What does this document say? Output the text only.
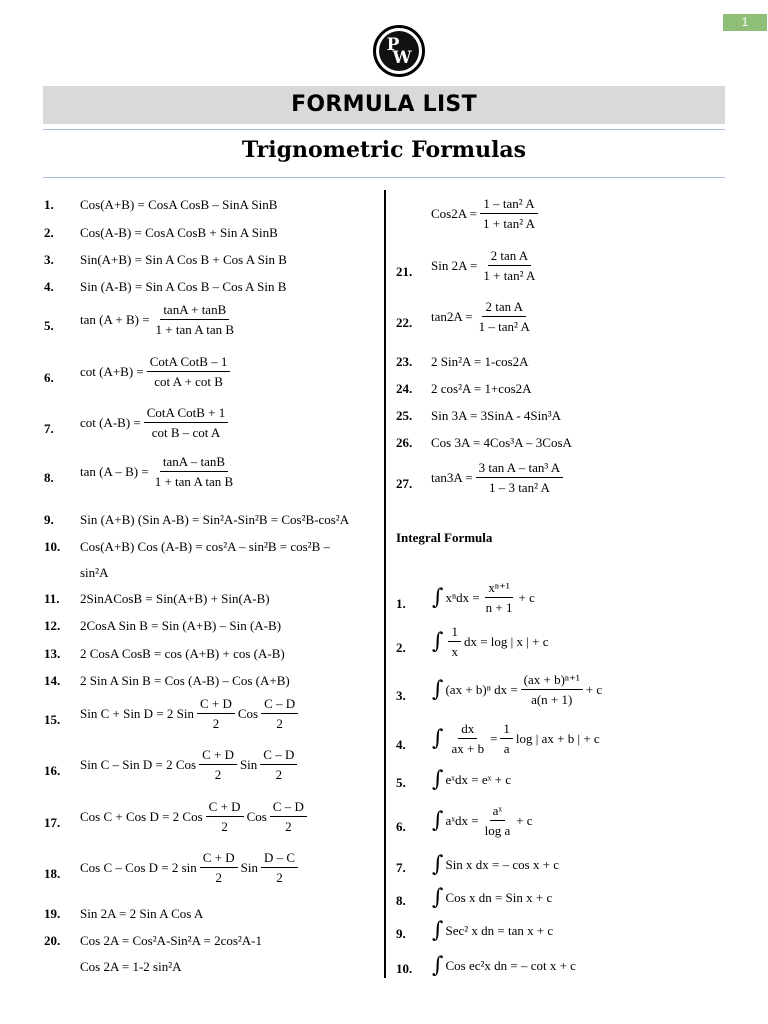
1
P
W
FORMULA LIST
Trignometric Formulas
1. Cos(A+B) = CosA CosB – SinA SinB
2. Cos(A-B) = CosA CosB + Sin A SinB
3. Sin(A+B) = Sin A Cos B + Cos A Sin B
4. Sin (A-B) = Sin A Cos B – Cos A Sin B
5. $\tan (A + B) = \frac{\tan A + \tan B}{\text{1 + tan A tan B}}$
6. $\cot (A+B) = \frac{\text{CotA CotB – 1}}{\text{cot A + cot B}}$
7. $\cot (A-B) = \frac{\text{CotA CotB + 1}}{\text{cot B – cot A}}$
8. $\tan (A - B) = \frac{\tan A - \tan B}{\text{1 + tan A tan B}}$
9. Sin (A+B) (Sin A-B) = Sin²A-Sin²B = Cos²B-cos²A
10. Cos(A+B) Cos (A-B) = cos²A – sin²B = cos²B –
sin²A
11. 2SinACosB = Sin(A+B) + Sin(A-B)
12. 2CosA Sin B = Sin (A+B) – Sin (A-B)
13. 2 CosA CosB = cos (A+B) + cos (A-B)
14. 2 Sin A Sin B = Cos (A-B) – Cos (A+B)
15. Sin C + Sin D = 2 Sin $\frac{C + D}{2}$ Cos $\frac{C - D}{2}$
16. Sin C – Sin D = 2 Cos $\frac{C + D}{2}$ Sin $\frac{C - D}{2}$
17. Cos C + Cos D = 2 Cos $\frac{C + D}{2}$ Cos $\frac{C - D}{2}$
18. Cos C – Cos D = 2 $\sin \frac{C + D}{2}$ Sin $\frac{D - C}{2}$
19. Sin 2A = 2 Sin A Cos A
20. Cos 2A = Cos²A-Sin²A = 2cos²A-1
Cos 2A = 1-2 sin²A
$Cos2A = \frac{\text{1 – tan² A}}{\text{1 + tan² A}}$
21. Sin $2A = \frac{\text{2 tan A}}{\text{1 + tan² A}}$
22. $\tan 2A = \frac{\text{2 tan A}}{\text{1 – tan² A}}$
23. 2 Sin²A = 1-cos2A
24. 2 cos²A = 1+cos2A
25. Sin 3A = 3SinA - 4Sin³A
26. Cos 3A = 4Cos³A – 3CosA
27. $\tan 3A = \frac{\text{3 tan A – tan³ A}}{\text{1 – 3 tan² A}}$
Integral Formula
1. ∫ $x^ndx = \frac{\text{xⁿ⁺¹}}{n + 1} + c$
2. ∫ $\frac{1}{x}$ dx = log | x | + c
3. ∫ (ax + b)ⁿ dx = $\frac{\text{(ax + b)ⁿ⁺¹}}{a(n + 1)} + c$
4. ∫ $\frac{dx}{ax + b} = \frac{1}{a}$ log | ax + b | + c
5. ∫ eˣdx = eˣ + c
6. ∫ aˣdx = $\frac{\text{aˣ}}{\text{log a}} + c$
7. ∫ Sin x dx = – cos x + c
8. ∫ Cos x dn = Sin x + c
9. ∫ Sec² x dn = tan x + c
10. ∫ Cos ec²x dn = – cot x + c
